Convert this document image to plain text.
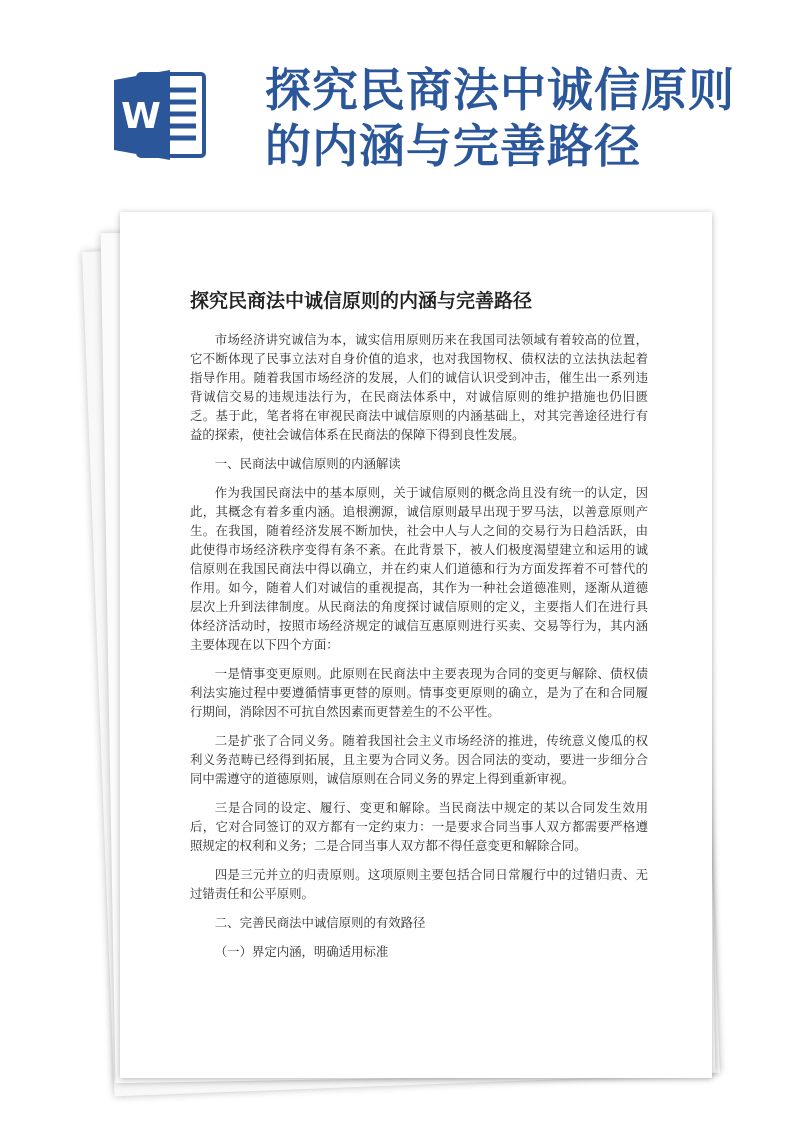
W 探究民商法中诚信原则
的内涵与完善路径
探究民商法中诚信原则的内涵与完善路径

市场经济讲究诚信为本，诚实信用原则历来在我国司法领域有着较高的位置，它不断体现了民事立法对自身价值的追求，也对我国物权、债权法的立法执法起着指导作用。随着我国市场经济的发展，人们的诚信认识受到冲击，催生出一系列违背诚信交易的违规违法行为，在民商法体系中，对诚信原则的维护措施也仍旧匮乏。基于此，笔者将在审视民商法中诚信原则的内涵基础上，对其完善途径进行有益的探索，使社会诚信体系在民商法的保障下得到良性发展。

一、民商法中诚信原则的内涵解读

作为我国民商法中的基本原则，关于诚信原则的概念尚且没有统一的认定，因此，其概念有着多重内涵。追根溯源，诚信原则最早出现于罗马法，以善意原则产生。在我国，随着经济发展不断加快，社会中人与人之间的交易行为日趋活跃，由此使得市场经济秩序变得有条不紊。在此背景下，被人们极度渴望建立和运用的诚信原则在我国民商法中得以确立，并在约束人们道德和行为方面发挥着不可替代的作用。如今，随着人们对诚信的重视提高，其作为一种社会道德准则，逐渐从道德层次上升到法律制度。从民商法的角度探讨诚信原则的定义，主要指人们在进行具体经济活动时，按照市场经济规定的诚信互惠原则进行买卖、交易等行为，其内涵主要体现在以下四个方面：

一是情事变更原则。此原则在民商法中主要表现为合同的变更与解除、债权债利法实施过程中要遵循情事更替的原则。情事变更原则的确立，是为了在和合同履行期间，消除因不可抗自然因素而更替差生的不公平性。

二是扩张了合同义务。随着我国社会主义市场经济的推进，传统意义傻瓜的权利义务范畴已经得到拓展，且主要为合同义务。因合同法的变动，要进一步细分合同中需遵守的道德原则，诚信原则在合同义务的界定上得到重新审视。

三是合同的设定、履行、变更和解除。当民商法中规定的某以合同发生效用后，它对合同签订的双方都有一定约束力：一是要求合同当事人双方都需要严格遵照规定的权利和义务；二是合同当事人双方都不得任意变更和解除合同。

四是三元并立的归责原则。这项原则主要包括合同日常履行中的过错归责、无过错责任和公平原则。

二、完善民商法中诚信原则的有效路径

（一）界定内涵，明确适用标准
